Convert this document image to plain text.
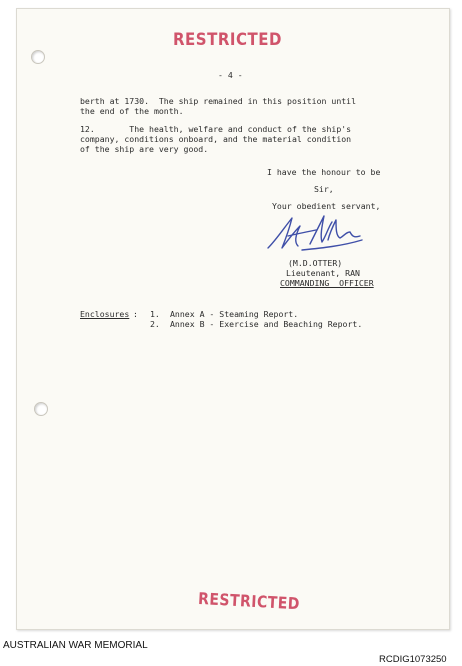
RESTRICTED
- 4 -
berth at 1730.  The ship remained in this position until
the end of the month.
12.       The health, welfare and conduct of the ship's
company, conditions onboard, and the material condition
of the ship are very good.
I have the honour to be
Sir,
Your obedient servant,
(M.D.OTTER)
Lieutenant, RAN
COMMANDING  OFFICER
Enclosures : 1. Annex A - Steaming Report.
2. Annex B - Exercise and Beaching Report.
RESTRICTED
AUSTRALIAN WAR MEMORIAL
RCDIG1073250
